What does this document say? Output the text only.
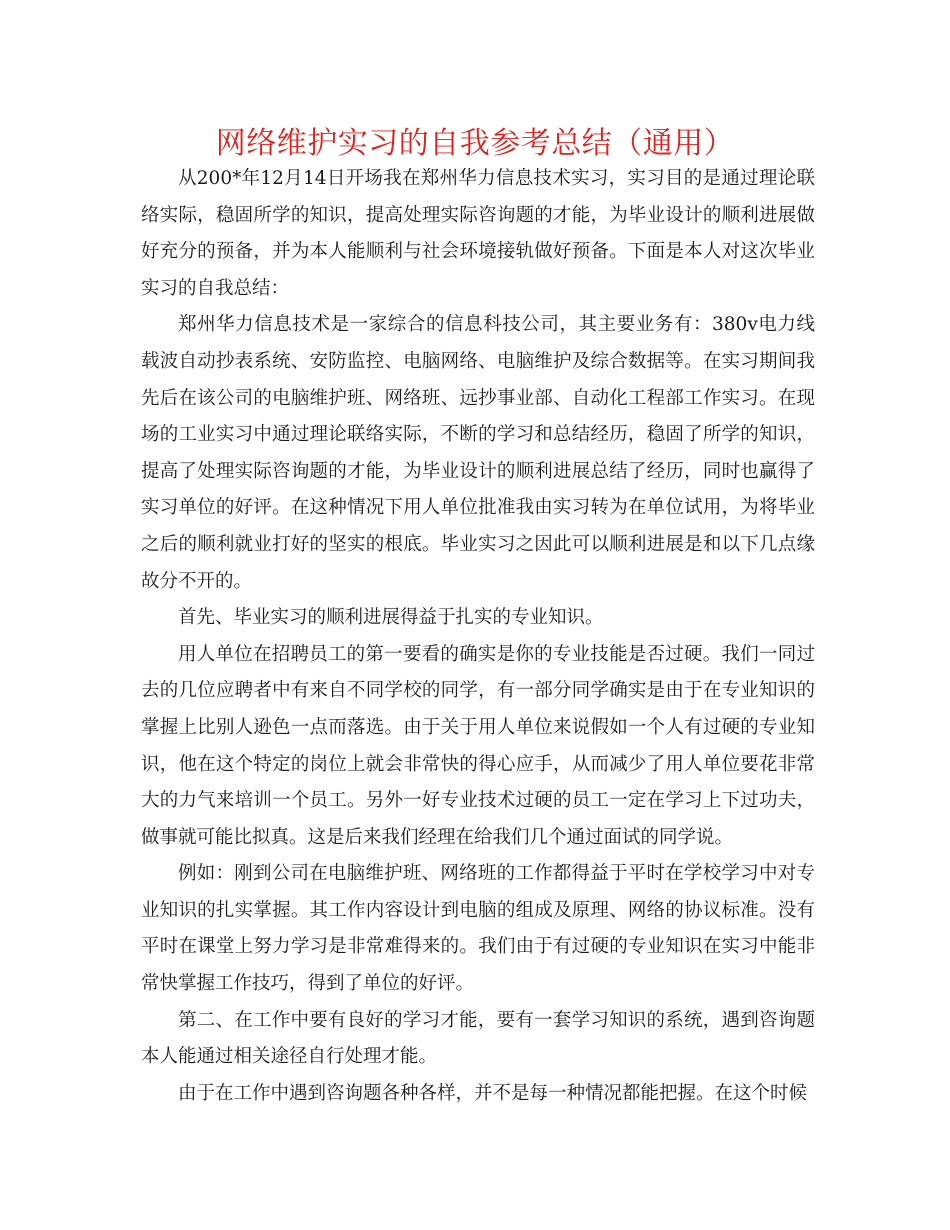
网络维护实习的自我参考总结（通用）

从200*年12月14日开场我在郑州华力信息技术实习，实习目的是通过理论联络实际，稳固所学的知识，提高处理实际咨询题的才能，为毕业设计的顺利进展做好充分的预备，并为本人能顺利与社会环境接轨做好预备。下面是本人对这次毕业实习的自我总结：

郑州华力信息技术是一家综合的信息科技公司，其主要业务有：380v电力线载波自动抄表系统、安防监控、电脑网络、电脑维护及综合数据等。在实习期间我先后在该公司的电脑维护班、网络班、远抄事业部、自动化工程部工作实习。在现场的工业实习中通过理论联络实际，不断的学习和总结经历，稳固了所学的知识，提高了处理实际咨询题的才能，为毕业设计的顺利进展总结了经历，同时也赢得了实习单位的好评。在这种情况下用人单位批准我由实习转为在单位试用，为将毕业之后的顺利就业打好的坚实的根底。毕业实习之因此可以顺利进展是和以下几点缘故分不开的。

首先、毕业实习的顺利进展得益于扎实的专业知识。

用人单位在招聘员工的第一要看的确实是你的专业技能是否过硬。我们一同过去的几位应聘者中有来自不同学校的同学，有一部分同学确实是由于在专业知识的掌握上比别人逊色一点而落选。由于关于用人单位来说假如一个人有过硬的专业知识，他在这个特定的岗位上就会非常快的得心应手，从而减少了用人单位要花非常大的力气来培训一个员工。另外一好专业技术过硬的员工一定在学习上下过功夫，做事就可能比拟真。这是后来我们经理在给我们几个通过面试的同学说。

例如：刚到公司在电脑维护班、网络班的工作都得益于平时在学校学习中对专业知识的扎实掌握。其工作内容设计到电脑的组成及原理、网络的协议标准。没有平时在课堂上努力学习是非常难得来的。我们由于有过硬的专业知识在实习中能非常快掌握工作技巧，得到了单位的好评。

第二、在工作中要有良好的学习才能，要有一套学习知识的系统，遇到咨询题本人能通过相关途径自行处理才能。

由于在工作中遇到咨询题各种各样，并不是每一种情况都能把握。在这个时候
